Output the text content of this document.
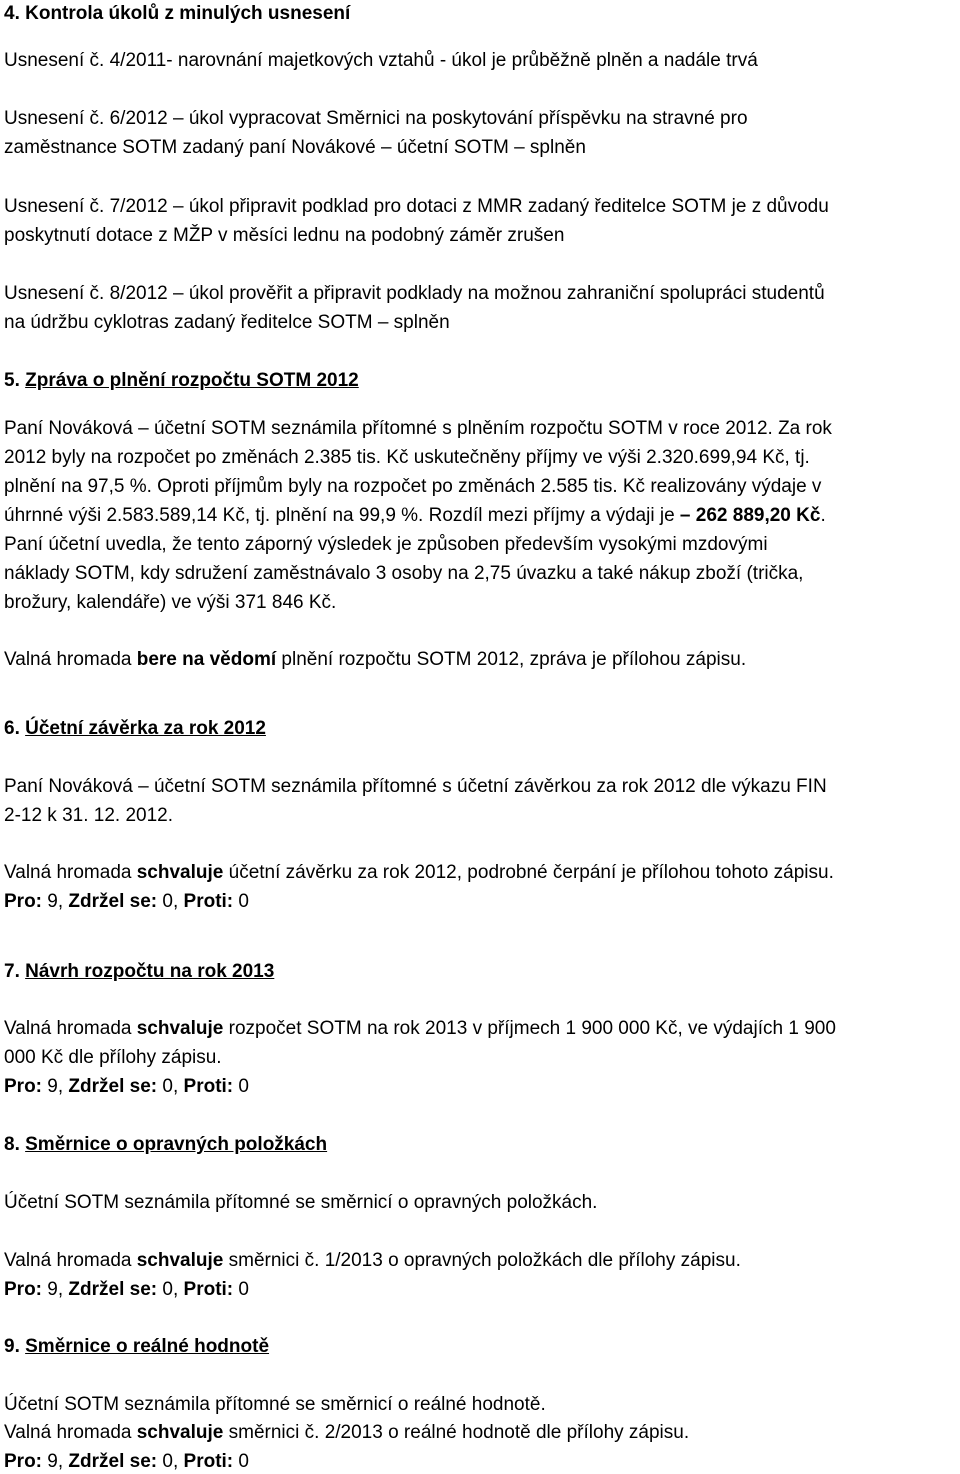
4. Kontrola úkolů z minulých usnesení
Usnesení č. 4/2011- narovnání majetkových vztahů - úkol je průběžně plněn a nadále trvá
Usnesení č. 6/2012 – úkol vypracovat Směrnici na poskytování příspěvku na stravné pro
zaměstnance SOTM zadaný paní Novákové – účetní SOTM – splněn
Usnesení č. 7/2012 – úkol připravit podklad pro dotaci z MMR zadaný ředitelce SOTM je z důvodu
poskytnutí dotace z MŽP v měsíci lednu na podobný záměr zrušen
Usnesení č. 8/2012 – úkol prověřit a připravit podklady na možnou zahraniční spolupráci studentů
na údržbu cyklotras zadaný ředitelce SOTM – splněn
5. Zpráva o plnění rozpočtu SOTM 2012
Paní Nováková – účetní SOTM seznámila přítomné s plněním rozpočtu SOTM v roce 2012. Za rok
2012 byly na rozpočet po změnách 2.385 tis. Kč uskutečněny příjmy ve výši 2.320.699,94 Kč, tj.
plnění na 97,5 %. Oproti příjmům byly na rozpočet po změnách 2.585 tis. Kč realizovány výdaje v
úhrnné výši 2.583.589,14 Kč, tj. plnění na 99,9 %. Rozdíl mezi příjmy a výdaji je – 262 889,20 Kč.
Paní účetní uvedla, že tento záporný výsledek je způsoben především vysokými mzdovými
náklady SOTM, kdy sdružení zaměstnávalo 3 osoby na 2,75 úvazku a také nákup zboží (trička,
brožury, kalendáře) ve výši 371 846 Kč.
Valná hromada bere na vědomí plnění rozpočtu SOTM 2012, zpráva je přílohou zápisu.
6. Účetní závěrka za rok 2012
Paní Nováková – účetní SOTM seznámila přítomné s účetní závěrkou za rok 2012 dle výkazu FIN
2-12 k 31. 12. 2012.
Valná hromada schvaluje účetní závěrku za rok 2012, podrobné čerpání je přílohou tohoto zápisu.
Pro: 9, Zdržel se: 0, Proti: 0
7. Návrh rozpočtu na rok 2013
Valná hromada schvaluje rozpočet SOTM na rok 2013 v příjmech 1 900 000 Kč, ve výdajích 1 900
000 Kč dle přílohy zápisu.
Pro: 9, Zdržel se: 0, Proti: 0
8. Směrnice o opravných položkách
Účetní SOTM seznámila přítomné se směrnicí o opravných položkách.
Valná hromada schvaluje směrnici č. 1/2013 o opravných položkách dle přílohy zápisu.
Pro: 9, Zdržel se: 0, Proti: 0
9. Směrnice o reálné hodnotě
Účetní SOTM seznámila přítomné se směrnicí o reálné hodnotě.
Valná hromada schvaluje směrnici č. 2/2013 o reálné hodnotě dle přílohy zápisu.
Pro: 9, Zdržel se: 0, Proti: 0
